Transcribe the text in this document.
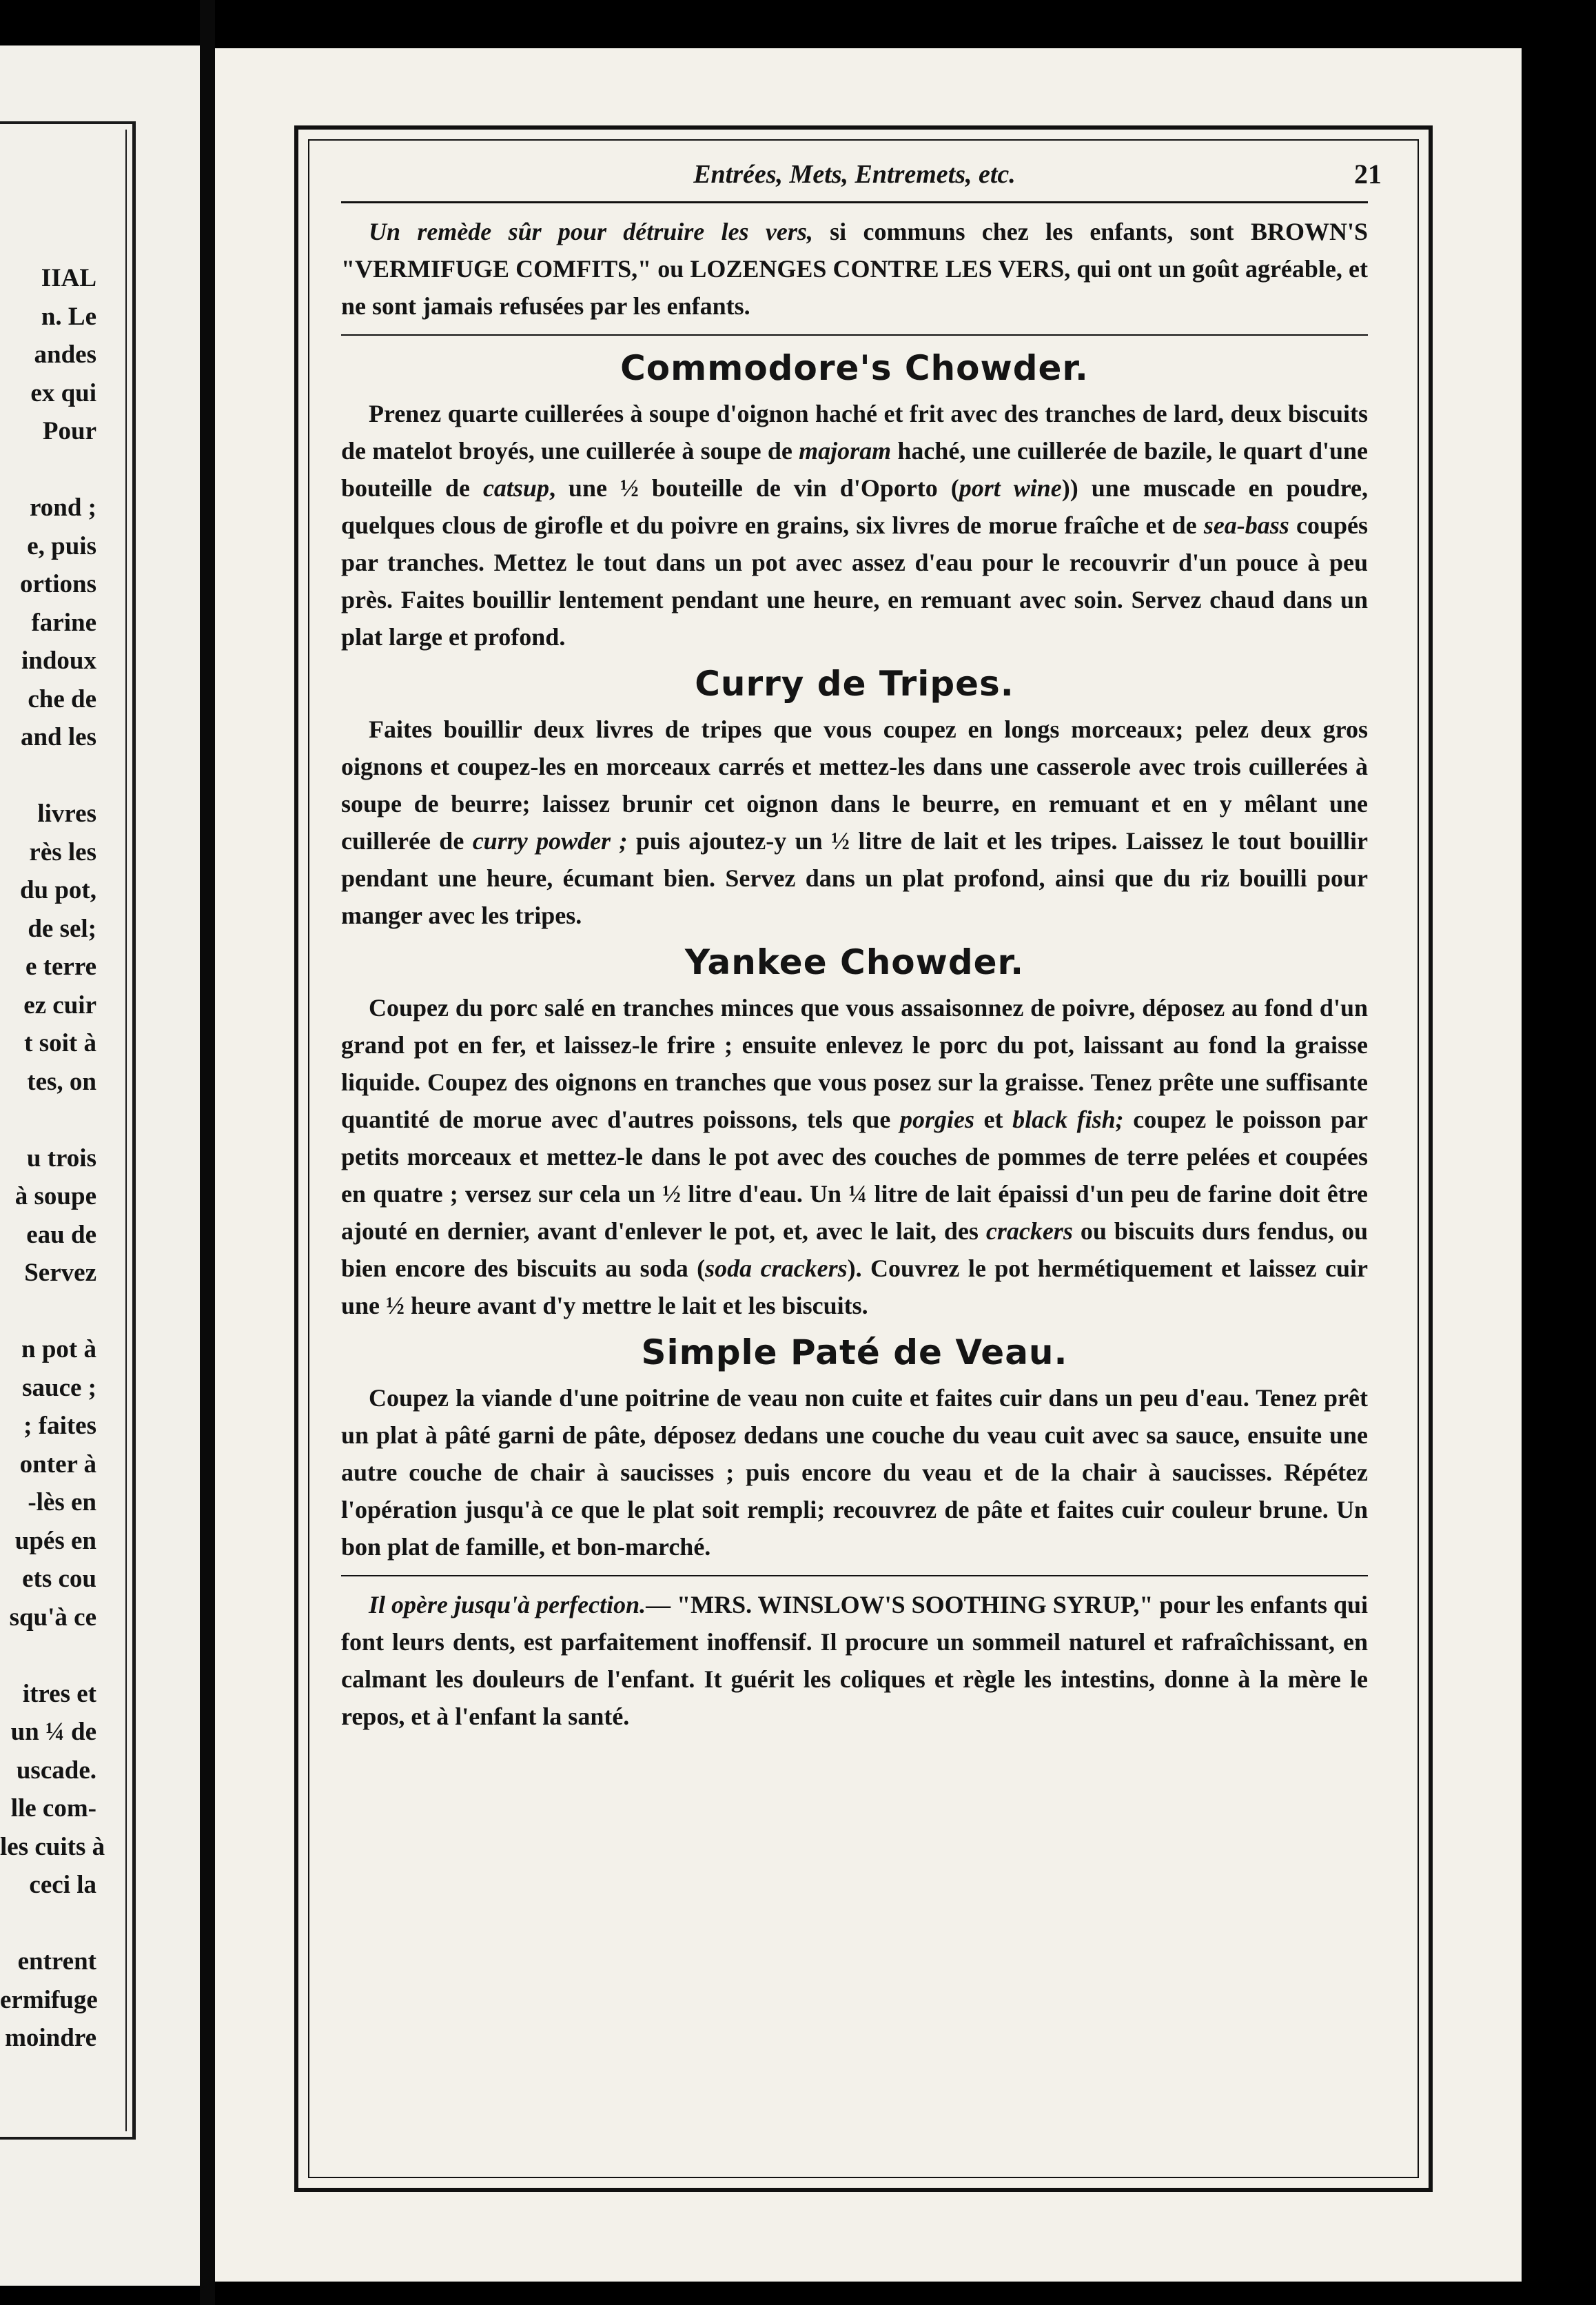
IIAL
n. Le
andes
ex qui
Pour
rond ;
e, puis
ortions
farine
indoux
che de
and les
livres
rès les
du pot,
de sel;
e terre
ez cuir
t soit à
tes, on
u trois
à soupe
eau de
Servez
n pot à
sauce ;
; faites
onter à
-lès en
upés en
ets cou
squ'à ce
itres et
un ¼ de
uscade.
lle com-
les cuits à
ceci la
entrent
ermifuge
moindre
Entrées, Mets, Entremets, etc.	21

Un remède sûr pour détruire les vers, si communs chez les enfants, sont BROWN'S "VERMIFUGE COMFITS," ou LOZENGES CONTRE LES VERS, qui ont un goût agréable, et ne sont jamais refusées par les enfants.

Commodore's Chowder.

Prenez quarte cuillerées à soupe d'oignon haché et frit avec des tranches de lard, deux biscuits de matelot broyés, une cuillerée à soupe de majoram haché, une cuillerée de bazile, le quart d'une bouteille de catsup, une ½ bouteille de vin d'Oporto (port wine)) une muscade en poudre, quelques clous de girofle et du poivre en grains, six livres de morue fraîche et de sea-bass coupés par tranches. Mettez le tout dans un pot avec assez d'eau pour le recouvrir d'un pouce à peu près. Faites bouillir lentement pendant une heure, en remuant avec soin. Servez chaud dans un plat large et profond.

Curry de Tripes.

Faites bouillir deux livres de tripes que vous coupez en longs morceaux; pelez deux gros oignons et coupez-les en morceaux carrés et mettez-les dans une casserole avec trois cuillerées à soupe de beurre; laissez brunir cet oignon dans le beurre, en remuant et en y mêlant une cuillerée de curry powder ; puis ajoutez-y un ½ litre de lait et les tripes. Laissez le tout bouillir pendant une heure, écumant bien. Servez dans un plat profond, ainsi que du riz bouilli pour manger avec les tripes.

Yankee Chowder.

Coupez du porc salé en tranches minces que vous assaisonnez de poivre, déposez au fond d'un grand pot en fer, et laissez-le frire ; ensuite enlevez le porc du pot, laissant au fond la graisse liquide. Coupez des oignons en tranches que vous posez sur la graisse. Tenez prête une suffisante quantité de morue avec d'autres poissons, tels que porgies et black fish; coupez le poisson par petits morceaux et mettez-le dans le pot avec des couches de pommes de terre pelées et coupées en quatre ; versez sur cela un ½ litre d'eau. Un ¼ litre de lait épaissi d'un peu de farine doit être ajouté en dernier, avant d'enlever le pot, et, avec le lait, des crackers ou biscuits durs fendus, ou bien encore des biscuits au soda (soda crackers). Couvrez le pot hermétiquement et laissez cuir une ½ heure avant d'y mettre le lait et les biscuits.

Simple Paté de Veau.

Coupez la viande d'une poitrine de veau non cuite et faites cuir dans un peu d'eau. Tenez prêt un plat à pâté garni de pâte, déposez dedans une couche du veau cuit avec sa sauce, ensuite une autre couche de chair à saucisses ; puis encore du veau et de la chair à saucisses. Répétez l'opération jusqu'à ce que le plat soit rempli; recouvrez de pâte et faites cuir couleur brune. Un bon plat de famille, et bon-marché.

Il opère jusqu'à perfection.— "MRS. WINSLOW'S SOOTHING SYRUP," pour les enfants qui font leurs dents, est parfaitement inoffensif. Il procure un sommeil naturel et rafraîchissant, en calmant les douleurs de l'enfant. It guérit les coliques et règle les intestins, donne à la mère le repos, et à l'enfant la santé.
